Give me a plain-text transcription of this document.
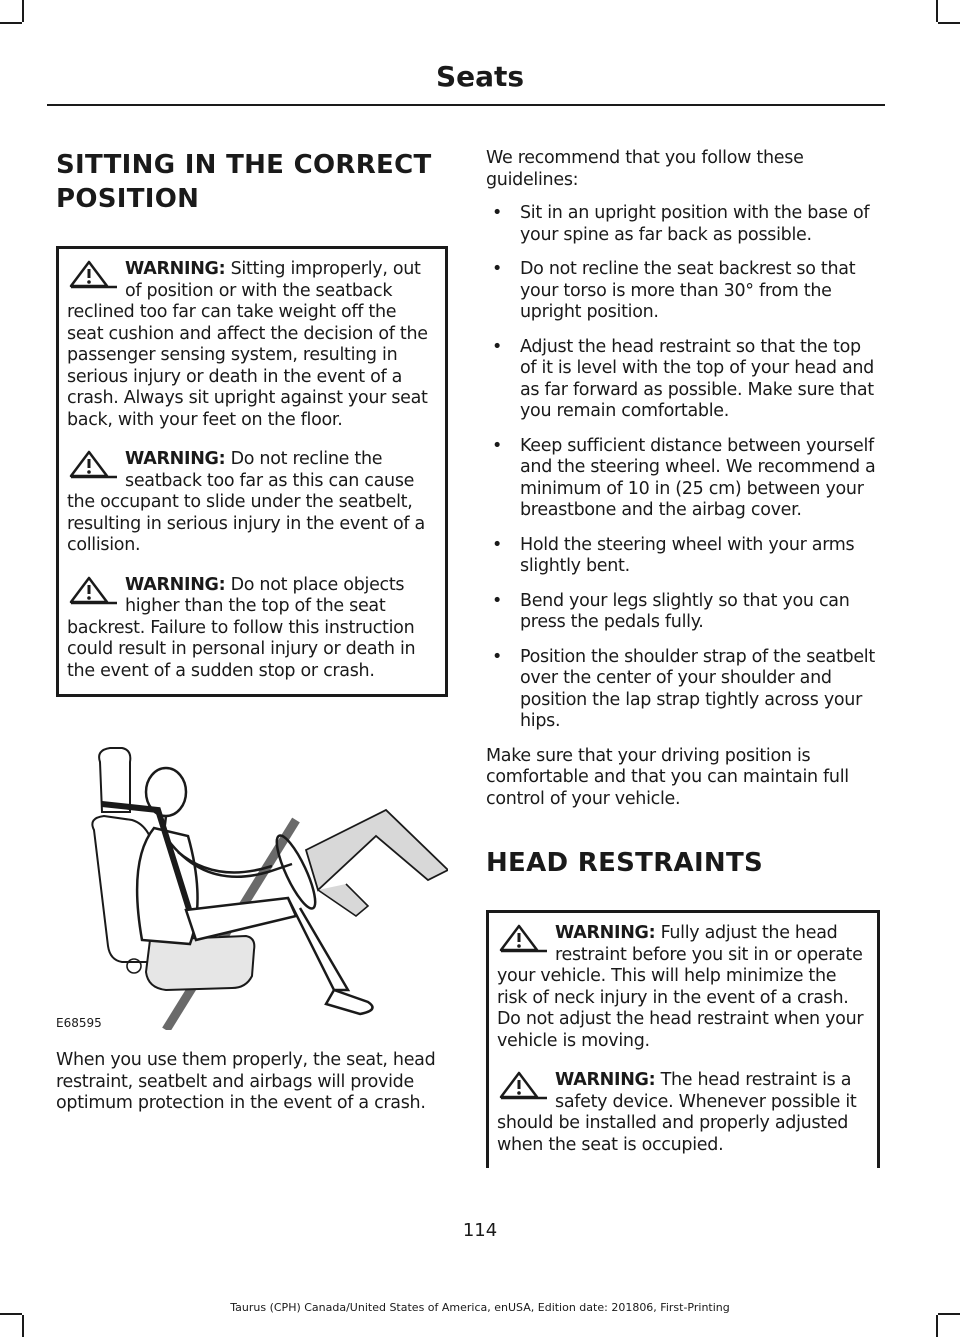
Seats
SITTING IN THE CORRECT
POSITION
WARNING: Sitting improperly, out of position or with the seatback reclined too far can take weight off the seat cushion and affect the decision of the passenger sensing system, resulting in serious injury or death in the event of a crash. Always sit upright against your seat back, with your feet on the floor.
WARNING: Do not recline the seatback too far as this can cause the occupant to slide under the seatbelt, resulting in serious injury in the event of a collision.
WARNING: Do not place objects higher than the top of the seat backrest. Failure to follow this instruction could result in personal injury or death in the event of a sudden stop or crash.
E68595

When you use them properly, the seat, head restraint, seatbelt and airbags will provide optimum protection in the event of a crash.

We recommend that you follow these guidelines:

• Sit in an upright position with the base of your spine as far back as possible.
• Do not recline the seat backrest so that your torso is more than 30° from the upright position.
• Adjust the head restraint so that the top of it is level with the top of your head and as far forward as possible. Make sure that you remain comfortable.
• Keep sufficient distance between yourself and the steering wheel. We recommend a minimum of 10 in (25 cm) between your breastbone and the airbag cover.
• Hold the steering wheel with your arms slightly bent.
• Bend your legs slightly so that you can press the pedals fully.
• Position the shoulder strap of the seatbelt over the center of your shoulder and position the lap strap tightly across your hips.

Make sure that your driving position is comfortable and that you can maintain full control of your vehicle.

HEAD RESTRAINTS
WARNING: Fully adjust the head restraint before you sit in or operate your vehicle. This will help minimize the risk of neck injury in the event of a crash. Do not adjust the head restraint when your vehicle is moving.
WARNING: The head restraint is a safety device. Whenever possible it should be installed and properly adjusted when the seat is occupied.
114
Taurus (CPH) Canada/United States of America, enUSA, Edition date: 201806, First-Printing
